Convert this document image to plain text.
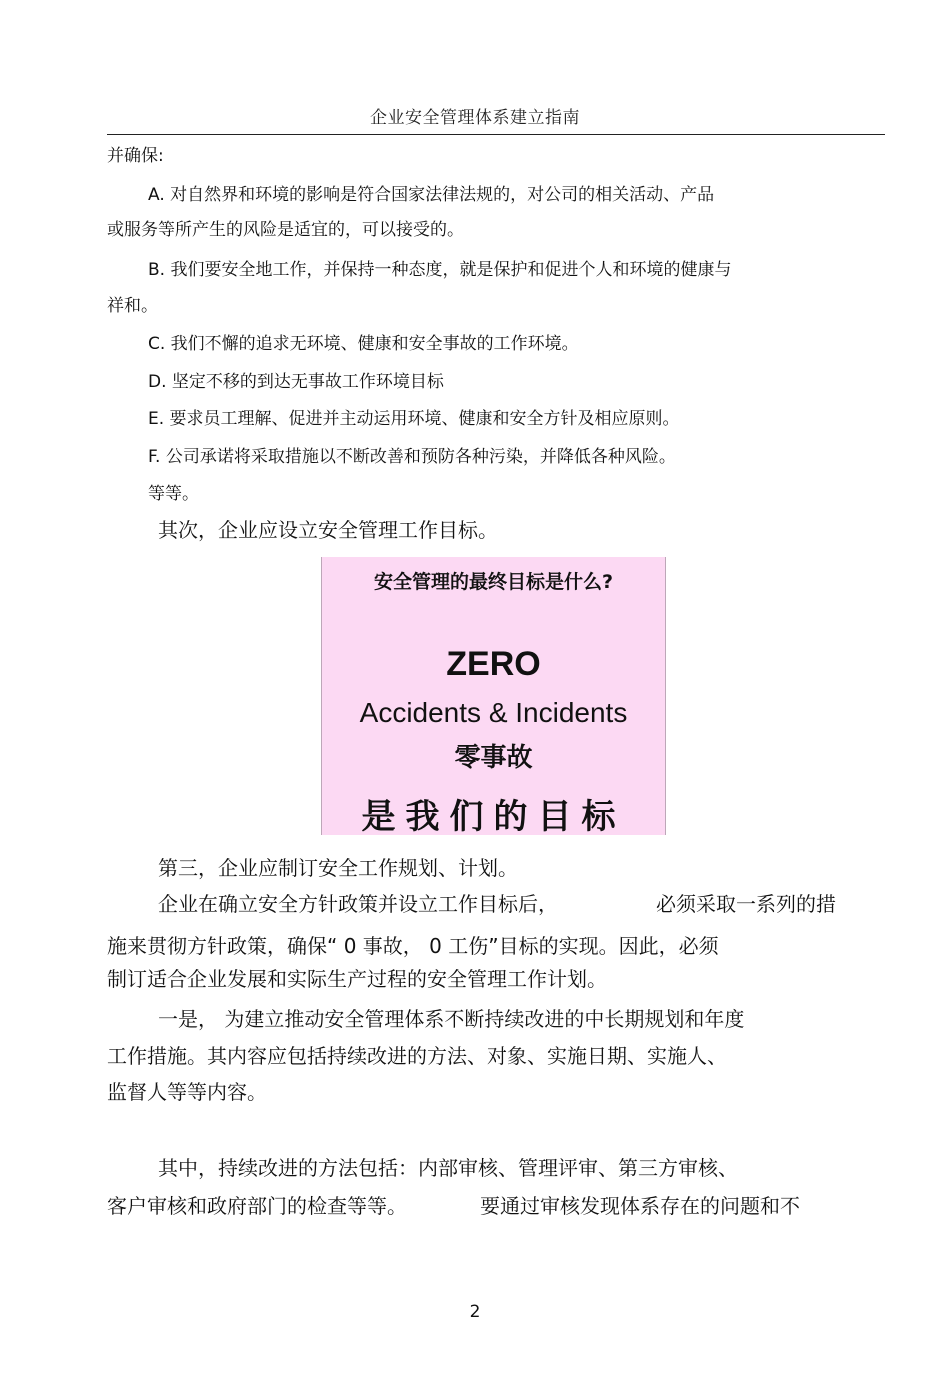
企业安全管理体系建立指南
并确保:
A. 对自然界和环境的影响是符合国家法律法规的，对公司的相关活动、产品
或服务等所产生的风险是适宜的，可以接受的。
B. 我们要安全地工作，并保持一种态度，就是保护和促进个人和环境的健康与
祥和。
C. 我们不懈的追求无环境、健康和安全事故的工作环境。
D. 坚定不移的到达无事故工作环境目标
E. 要求员工理解、促进并主动运用环境、健康和安全方针及相应原则。
F. 公司承诺将采取措施以不断改善和预防各种污染，并降低各种风险。
等等。
其次，企业应设立安全管理工作目标。
安全管理的最终目标是什么?
ZERO
Accidents & Incidents
零事故
是我们的目标
第三，企业应制订安全工作规划、计划。
企业在确立安全方针政策并设立工作目标后，	必须采取一系列的措
施来贯彻方针政策，确保“ 0 事故， 0 工伤”目标的实现。因此，必须
制订适合企业发展和实际生产过程的安全管理工作计划。
一是， 为建立推动安全管理体系不断持续改进的中长期规划和年度
工作措施。其内容应包括持续改进的方法、对象、实施日期、实施人、
监督人等等内容。
其中，持续改进的方法包括：内部审核、管理评审、第三方审核、
客户审核和政府部门的检查等等。	要通过审核发现体系存在的问题和不
2
